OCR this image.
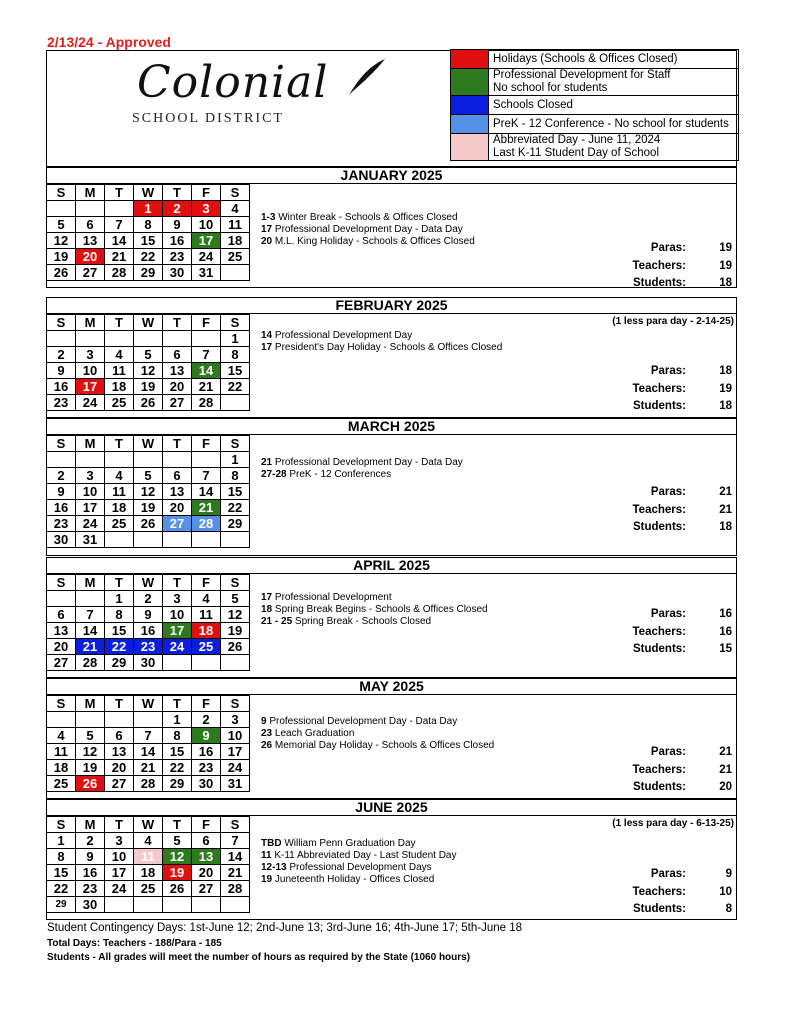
2/13/24 - Approved
Colonial
SCHOOL DISTRICT
Holidays (Schools & Offices Closed)
Professional Development for Staff
No school for students
Schools Closed
PreK - 12 Conference - No school for students
Abbreviated Day - June 11, 2024
Last K-11 Student Day of School
JANUARY 2025
S	M	T	W	T	F	S
			1	2	3	4
5	6	7	8	9	10	11
12	13	14	15	16	17	18
19	20	21	22	23	24	25
26	27	28	29	30	31	
1-3 Winter Break - Schools & Offices Closed
17 Professional Development Day - Data Day
20 M.L. King Holiday - Schools & Offices Closed
Paras:	19
Teachers:	19
Students:	18
FEBRUARY 2025
S	M	T	W	T	F	S
						1
2	3	4	5	6	7	8
9	10	11	12	13	14	15
16	17	18	19	20	21	22
23	24	25	26	27	28	
(1 less para day - 2-14-25)
14 Professional Development Day
17 President's Day Holiday - Schools & Offices Closed
Paras:	18
Teachers:	19
Students:	18
MARCH 2025
S	M	T	W	T	F	S
						1
2	3	4	5	6	7	8
9	10	11	12	13	14	15
16	17	18	19	20	21	22
23	24	25	26	27	28	29
30	31					
21 Professional Development Day - Data Day
27-28 PreK - 12 Conferences
Paras:	21
Teachers:	21
Students:	18
APRIL 2025
S	M	T	W	T	F	S
		1	2	3	4	5
6	7	8	9	10	11	12
13	14	15	16	17	18	19
20	21	22	23	24	25	26
27	28	29	30			
17 Professional Development
18 Spring Break Begins - Schools & Offices Closed
21 - 25 Spring Break - Schools Closed
Paras:	16
Teachers:	16
Students:	15
MAY 2025
S	M	T	W	T	F	S
				1	2	3
4	5	6	7	8	9	10
11	12	13	14	15	16	17
18	19	20	21	22	23	24
25	26	27	28	29	30	31
9 Professional Development Day - Data Day
23 Leach Graduation
26 Memorial Day Holiday - Schools & Offices Closed
Paras:	21
Teachers:	21
Students:	20
JUNE 2025
S	M	T	W	T	F	S
1	2	3	4	5	6	7
8	9	10	11	12	13	14
15	16	17	18	19	20	21
22	23	24	25	26	27	28
29	30					
(1 less para day - 6-13-25)
TBD William Penn Graduation Day
11 K-11 Abbreviated Day - Last Student Day
12-13 Professional Development Days
19 Juneteenth Holiday - Offices Closed	Paras:	9
Teachers:	10
Students:	8
Student Contingency Days: 1st-June 12; 2nd-June 13; 3rd-June 16; 4th-June 17; 5th-June 18
Total Days: Teachers - 188/Para - 185
Students - All grades will meet the number of hours as required by the State (1060 hours)
